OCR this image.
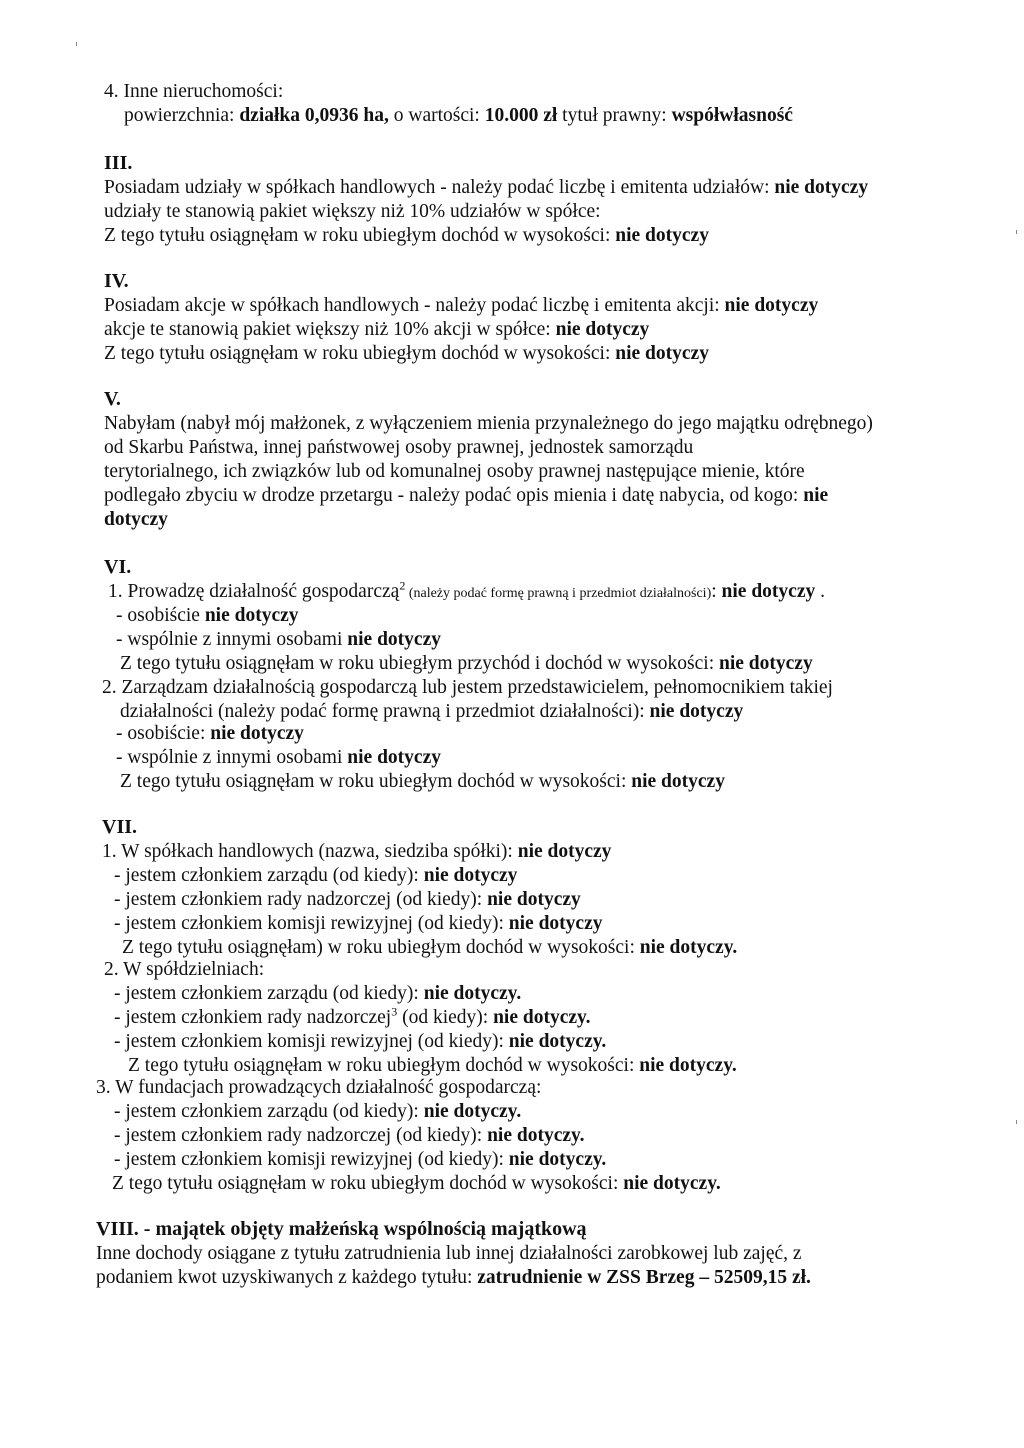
4. Inne nieruchomości:
powierzchnia: działka 0,0936 ha, o wartości: 10.000 zł tytuł prawny: współwłasność
III.
Posiadam udziały w spółkach handlowych - należy podać liczbę i emitenta udziałów: nie dotyczy
udziały te stanowią pakiet większy niż 10% udziałów w spółce:
Z tego tytułu osiągnęłam w roku ubiegłym dochód w wysokości: nie dotyczy
IV.
Posiadam akcje w spółkach handlowych - należy podać liczbę i emitenta akcji: nie dotyczy
akcje te stanowią pakiet większy niż 10% akcji w spółce: nie dotyczy
Z tego tytułu osiągnęłam w roku ubiegłym dochód w wysokości: nie dotyczy
V.
Nabyłam (nabył mój małżonek, z wyłączeniem mienia przynależnego do jego majątku odrębnego)
od Skarbu Państwa, innej państwowej osoby prawnej, jednostek samorządu
terytorialnego, ich związków lub od komunalnej osoby prawnej następujące mienie, które
podlegało zbyciu w drodze przetargu - należy podać opis mienia i datę nabycia, od kogo: nie
dotyczy
VI.
1. Prowadzę działalność gospodarczą$^2$ (należy podać formę prawną i przedmiot działalności): nie dotyczy .
- osobiście nie dotyczy
- wspólnie z innymi osobami nie dotyczy
Z tego tytułu osiągnęłam w roku ubiegłym przychód i dochód w wysokości: nie dotyczy
2. Zarządzam działalnością gospodarczą lub jestem przedstawicielem, pełnomocnikiem takiej
działalności (należy podać formę prawną i przedmiot działalności): nie dotyczy
- osobiście: nie dotyczy
- wspólnie z innymi osobami nie dotyczy
Z tego tytułu osiągnęłam w roku ubiegłym dochód w wysokości: nie dotyczy
VII.
1. W spółkach handlowych (nazwa, siedziba spółki): nie dotyczy
- jestem członkiem zarządu (od kiedy): nie dotyczy
- jestem członkiem rady nadzorczej (od kiedy): nie dotyczy
- jestem członkiem komisji rewizyjnej (od kiedy): nie dotyczy
Z tego tytułu osiągnęłam) w roku ubiegłym dochód w wysokości: nie dotyczy.
2. W spółdzielniach:
- jestem członkiem zarządu (od kiedy): nie dotyczy.
- jestem członkiem rady nadzorczej$^3$ (od kiedy): nie dotyczy.
- jestem członkiem komisji rewizyjnej (od kiedy): nie dotyczy.
Z tego tytułu osiągnęłam w roku ubiegłym dochód w wysokości: nie dotyczy.
3. W fundacjach prowadzących działalność gospodarczą:
- jestem członkiem zarządu (od kiedy): nie dotyczy.
- jestem członkiem rady nadzorczej (od kiedy): nie dotyczy.
- jestem członkiem komisji rewizyjnej (od kiedy): nie dotyczy.
Z tego tytułu osiągnęłam w roku ubiegłym dochód w wysokości: nie dotyczy.
VIII. - majątek objęty małżeńską wspólnością majątkową
Inne dochody osiągane z tytułu zatrudnienia lub innej działalności zarobkowej lub zajęć, z
podaniem kwot uzyskiwanych z każdego tytułu: zatrudnienie w ZSS Brzeg – 52509,15 zł.
